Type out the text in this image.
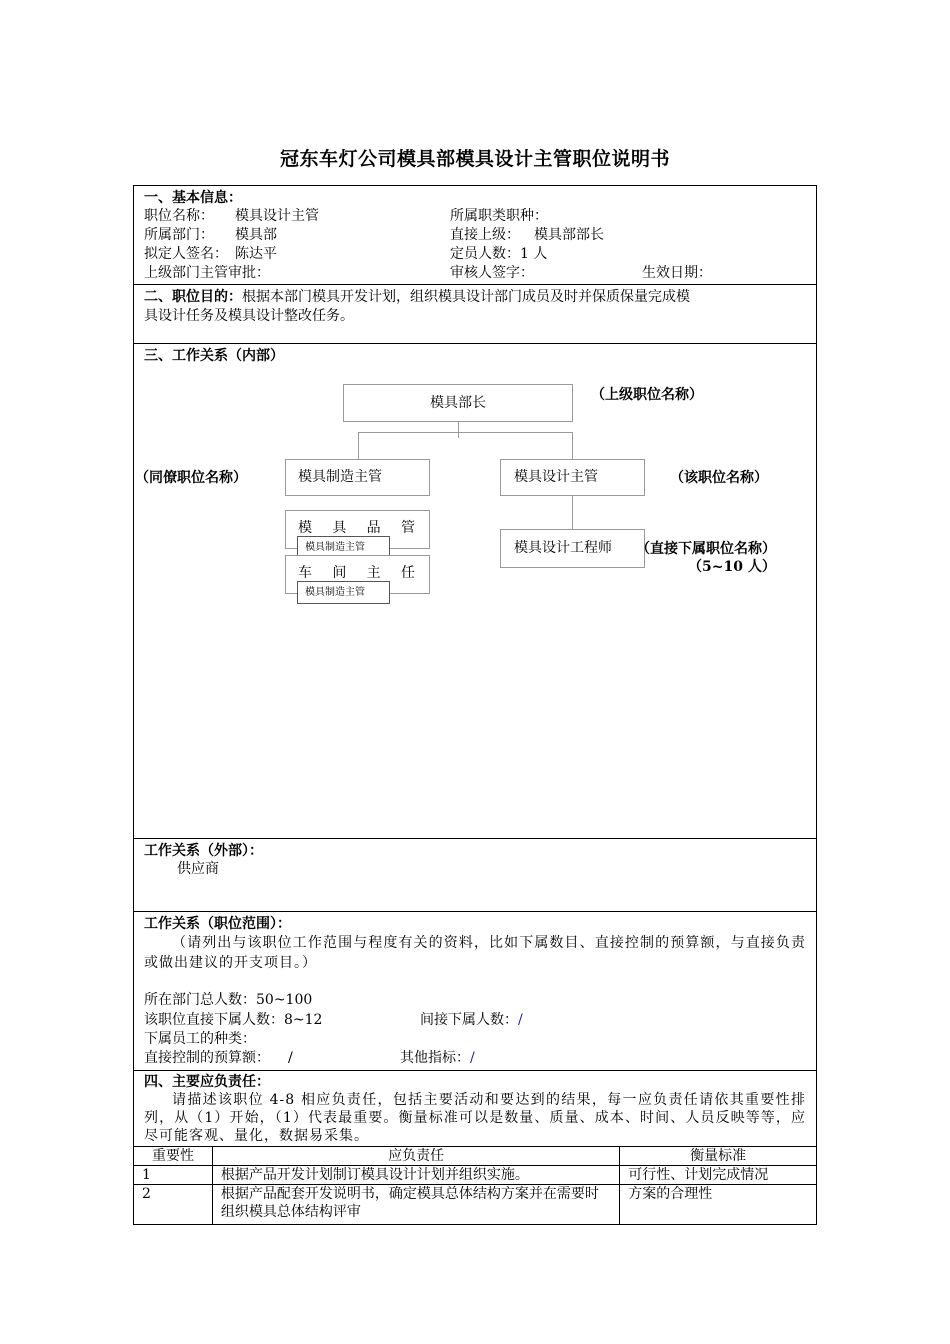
冠东车灯公司模具部模具设计主管职位说明书
一、基本信息：
职位名称： 模具设计主管	所属职类职种：
所属部门： 模具部	直接上级： 模具部部长
拟定人签名： 陈达平	定员人数： 1 人
上级部门主管审批：	审核人签字：	生效日期：
二、职位目的：根据本部门模具开发计划，组织模具设计部门成员及时并保质保量完成模
具设计任务及模具设计整改任务。
三、工作关系（内部）
模具部长	（上级职位名称）
（同僚职位名称）	模具制造主管	模具设计主管	（该职位名称）
模 具 品 管
模具制造主管
车 间 主 任
模具制造主管
模具设计工程师	（直接下属职位名称）
（5~10 人）
工作关系（外部）：
供应商
工作关系（职位范围）：
（请列出与该职位工作范围与程度有关的资料，比如下属数目、直接控制的预算额，与直接负责或做出建议的开支项目。）
所在部门总人数：50~100
该职位直接下属人数：8~12	间接下属人数：/
下属员工的种类：
直接控制的预算额： /	其他指标：/
四、主要应负责任：
请描述该职位 4-8 相应负责任，包括主要活动和要达到的结果，每一应负责任请依其重要性排列，从（1）开始，（1）代表最重要。衡量标准可以是数量、质量、成本、时间、人员反映等等，应尽可能客观、量化，数据易采集。
重要性	应负责任	衡量标准
1	根据产品开发计划制订模具设计计划并组织实施。	可行性、计划完成情况
2	根据产品配套开发说明书，确定模具总体结构方案并在需要时组织模具总体结构评审	方案的合理性
